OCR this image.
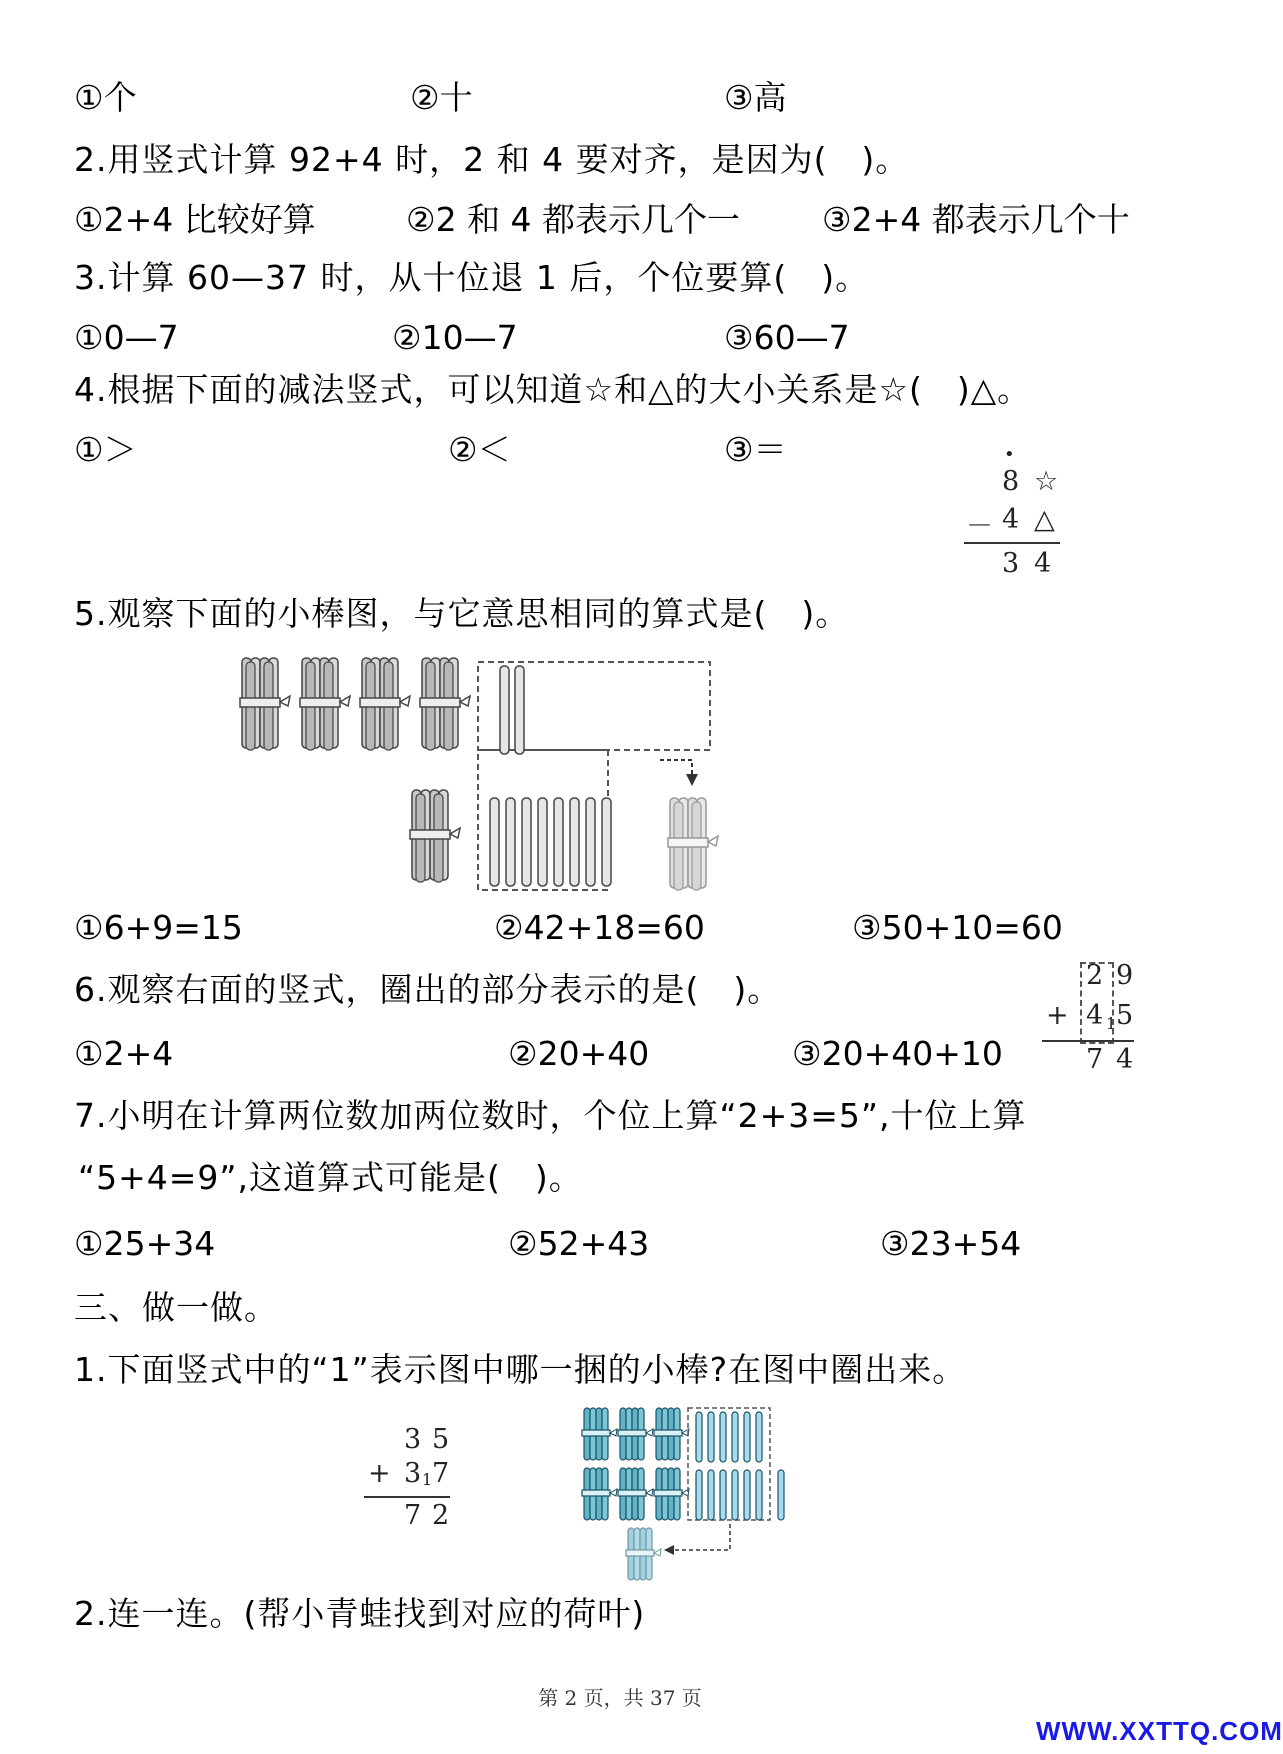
①个	②十	③高
2.用竖式计算 92+4 时，2 和 4 要对齐，是因为(　)。
①2+4 比较好算	②2 和 4 都表示几个一 ③2+4 都表示几个十
3.计算 60—37 时，从十位退 1 后，个位要算(　)。
①0—7	②10—7	③60—7
4.根据下面的减法竖式，可以知道☆和△的大小关系是☆(　)△。
①＞	②＜	③＝	•
8 ☆
－ 4 △
3 4
5.观察下面的小棒图，与它意思相同的算式是(　)。
①6+9=15	②42+18=60	③50+10=60
6.观察右面的竖式，圈出的部分表示的是(　)。
①2+4	②20+40	③20+40+10
2 9
+ 4 1 5
7 4
7.小明在计算两位数加两位数时，个位上算“2+3=5”,十位上算
“5+4=9”,这道算式可能是(　)。
①25+34	②52+43	③23+54
三、做一做。
1.下面竖式中的“1”表示图中哪一捆的小棒?在图中圈出来。
3 5
+ 3 1 7
7 2
2.连一连。(帮小青蛙找到对应的荷叶)
第 2 页，共 37 页
WWW.XXTTQ.COM
